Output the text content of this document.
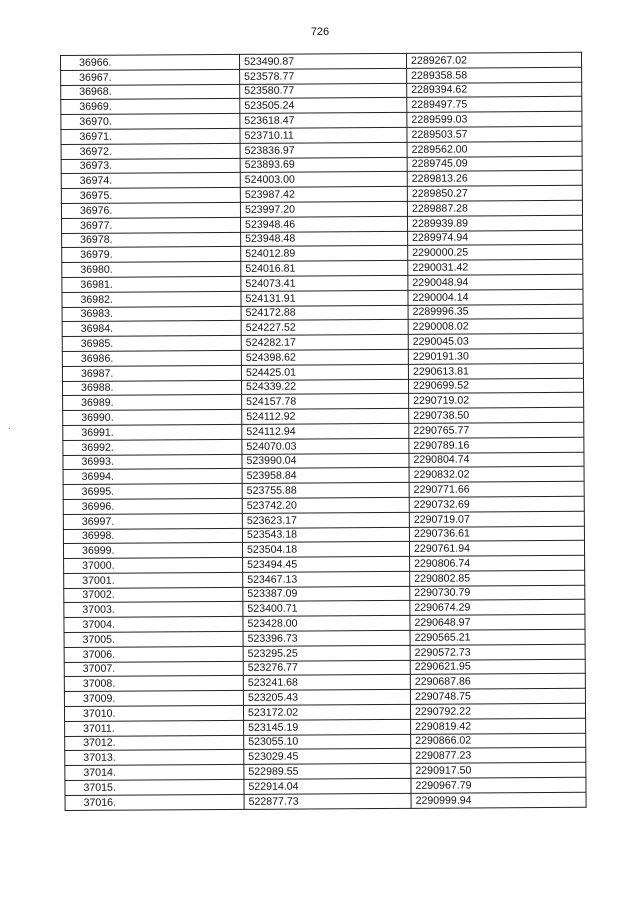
726
·
36966.	523490.87	2289267.02
36967.	523578.77	2289358.58
36968.	523580.77	2289394.62
36969.	523505.24	2289497.75
36970.	523618.47	2289599.03
36971.	523710.11	2289503.57
36972.	523836.97	2289562.00
36973.	523893.69	2289745.09
36974.	524003.00	2289813.26
36975.	523987.42	2289850.27
36976.	523997.20	2289887.28
36977.	523948.46	2289939.89
36978.	523948.48	2289974.94
36979.	524012.89	2290000.25
36980.	524016.81	2290031.42
36981.	524073.41	2290048.94
36982.	524131.91	2290004.14
36983.	524172.88	2289996.35
36984.	524227.52	2290008.02
36985.	524282.17	2290045.03
36986.	524398.62	2290191.30
36987.	524425.01	2290613.81
36988.	524339.22	2290699.52
36989.	524157.78	2290719.02
36990.	524112.92	2290738.50
36991.	524112.94	2290765.77
36992.	524070.03	2290789.16
36993.	523990.04	2290804.74
36994.	523958.84	2290832.02
36995.	523755.88	2290771.66
36996.	523742.20	2290732.69
36997.	523623.17	2290719.07
36998.	523543.18	2290736.61
36999.	523504.18	2290761.94
37000.	523494.45	2290806.74
37001.	523467.13	2290802.85
37002.	523387.09	2290730.79
37003.	523400.71	2290674.29
37004.	523428.00	2290648.97
37005.	523396.73	2290565.21
37006.	523295.25	2290572.73
37007.	523276.77	2290621.95
37008.	523241.68	2290687.86
37009.	523205.43	2290748.75
37010.	523172.02	2290792.22
37011.	523145.19	2290819.42
37012.	523055.10	2290866.02
37013.	523029.45	2290877.23
37014.	522989.55	2290917.50
37015.	522914.04	2290967.79
37016.	522877.73	2290999.94
